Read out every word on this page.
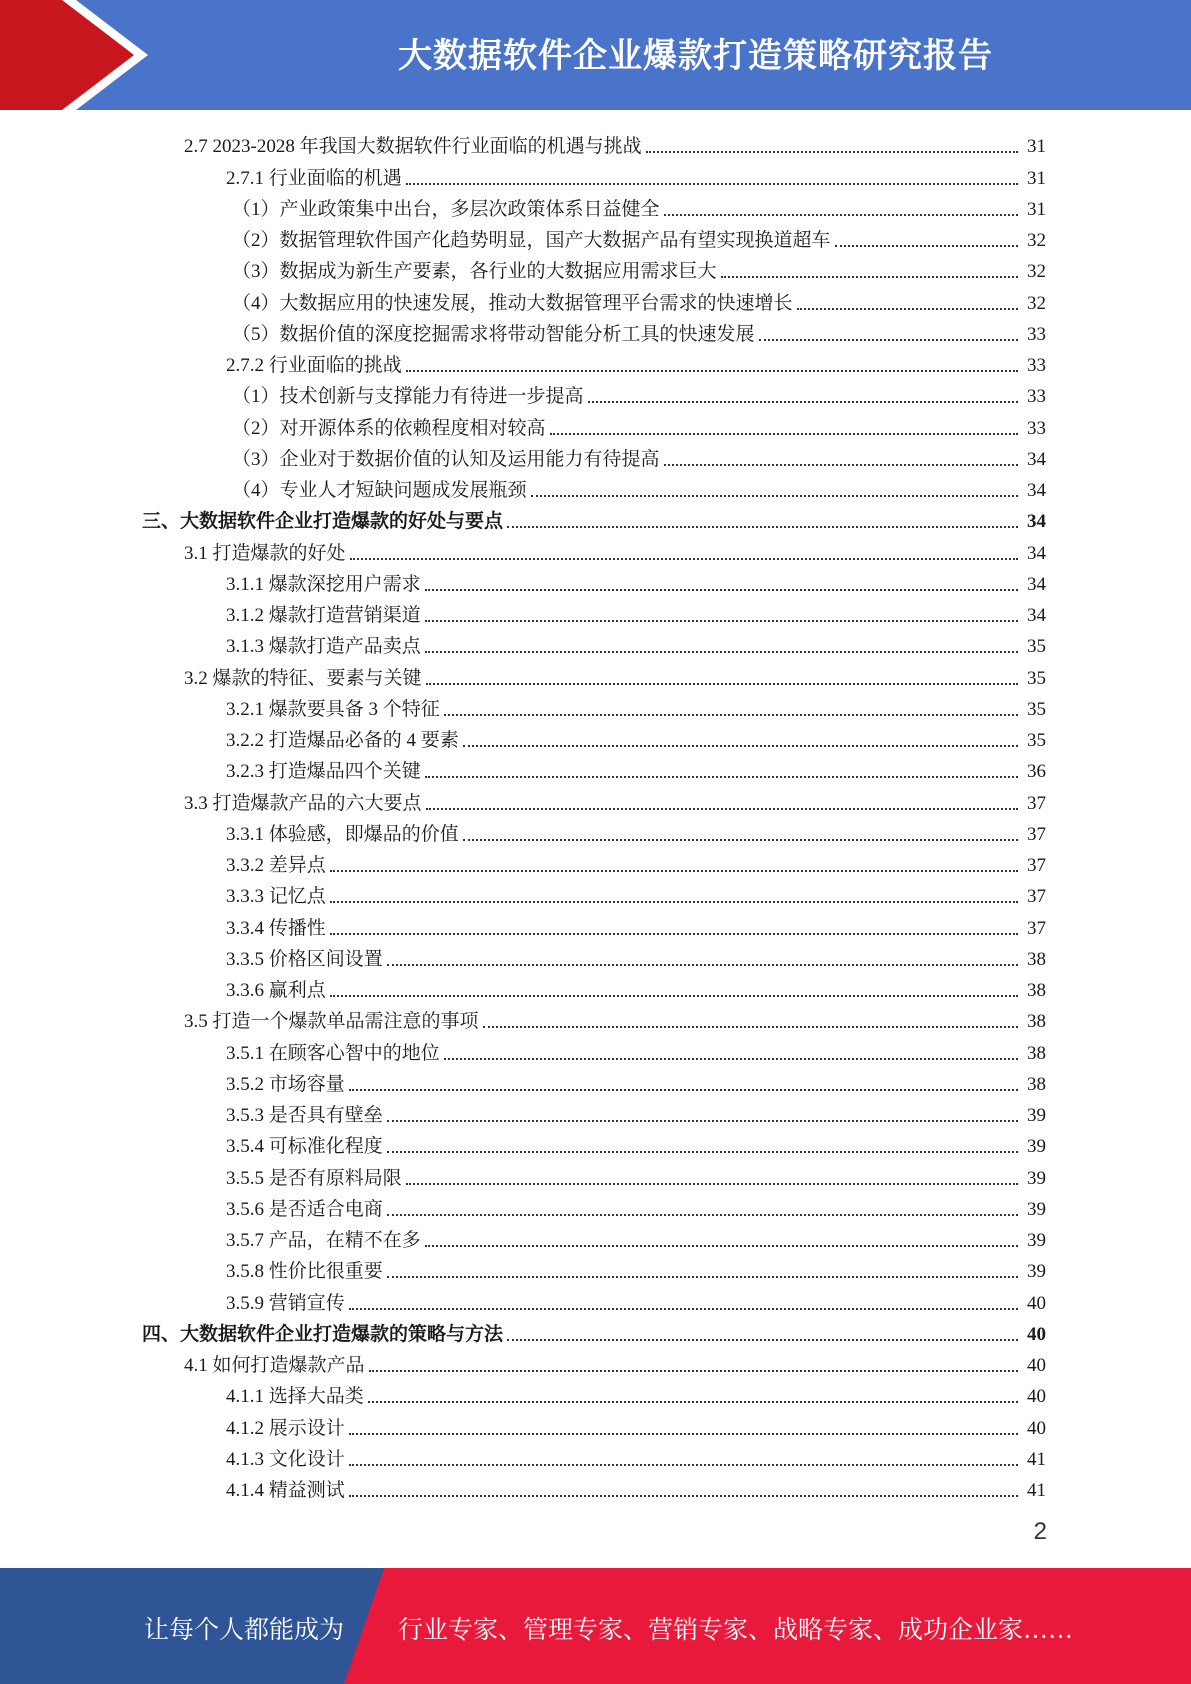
大数据软件企业爆款打造策略研究报告
2.7 2023-2028 年我国大数据软件行业面临的机遇与挑战	31
2.7.1 行业面临的机遇	31
（1）产业政策集中出台，多层次政策体系日益健全	31
（2）数据管理软件国产化趋势明显，国产大数据产品有望实现换道超车	32
（3）数据成为新生产要素，各行业的大数据应用需求巨大	32
（4）大数据应用的快速发展，推动大数据管理平台需求的快速增长	32
（5）数据价值的深度挖掘需求将带动智能分析工具的快速发展	33
2.7.2 行业面临的挑战	33
（1）技术创新与支撑能力有待进一步提高	33
（2）对开源体系的依赖程度相对较高	33
（3）企业对于数据价值的认知及运用能力有待提高	34
（4）专业人才短缺问题成发展瓶颈	34
三、大数据软件企业打造爆款的好处与要点	34
3.1 打造爆款的好处	34
3.1.1 爆款深挖用户需求	34
3.1.2 爆款打造营销渠道	34
3.1.3 爆款打造产品卖点	35
3.2 爆款的特征、要素与关键	35
3.2.1 爆款要具备 3 个特征	35
3.2.2 打造爆品必备的 4 要素	35
3.2.3 打造爆品四个关键	36
3.3 打造爆款产品的六大要点	37
3.3.1 体验感，即爆品的价值	37
3.3.2 差异点	37
3.3.3 记忆点	37
3.3.4 传播性	37
3.3.5 价格区间设置	38
3.3.6 赢利点	38
3.5 打造一个爆款单品需注意的事项	38
3.5.1 在顾客心智中的地位	38
3.5.2 市场容量	38
3.5.3 是否具有壁垒	39
3.5.4 可标准化程度	39
3.5.5 是否有原料局限	39
3.5.6 是否适合电商	39
3.5.7 产品，在精不在多	39
3.5.8 性价比很重要	39
3.5.9 营销宣传	40
四、大数据软件企业打造爆款的策略与方法	40
4.1 如何打造爆款产品	40
4.1.1 选择大品类	40
4.1.2 展示设计	40
4.1.3 文化设计	41
4.1.4 精益测试	41
2
让每个人都能成为 行业专家、管理专家、营销专家、战略专家、成功企业家……
